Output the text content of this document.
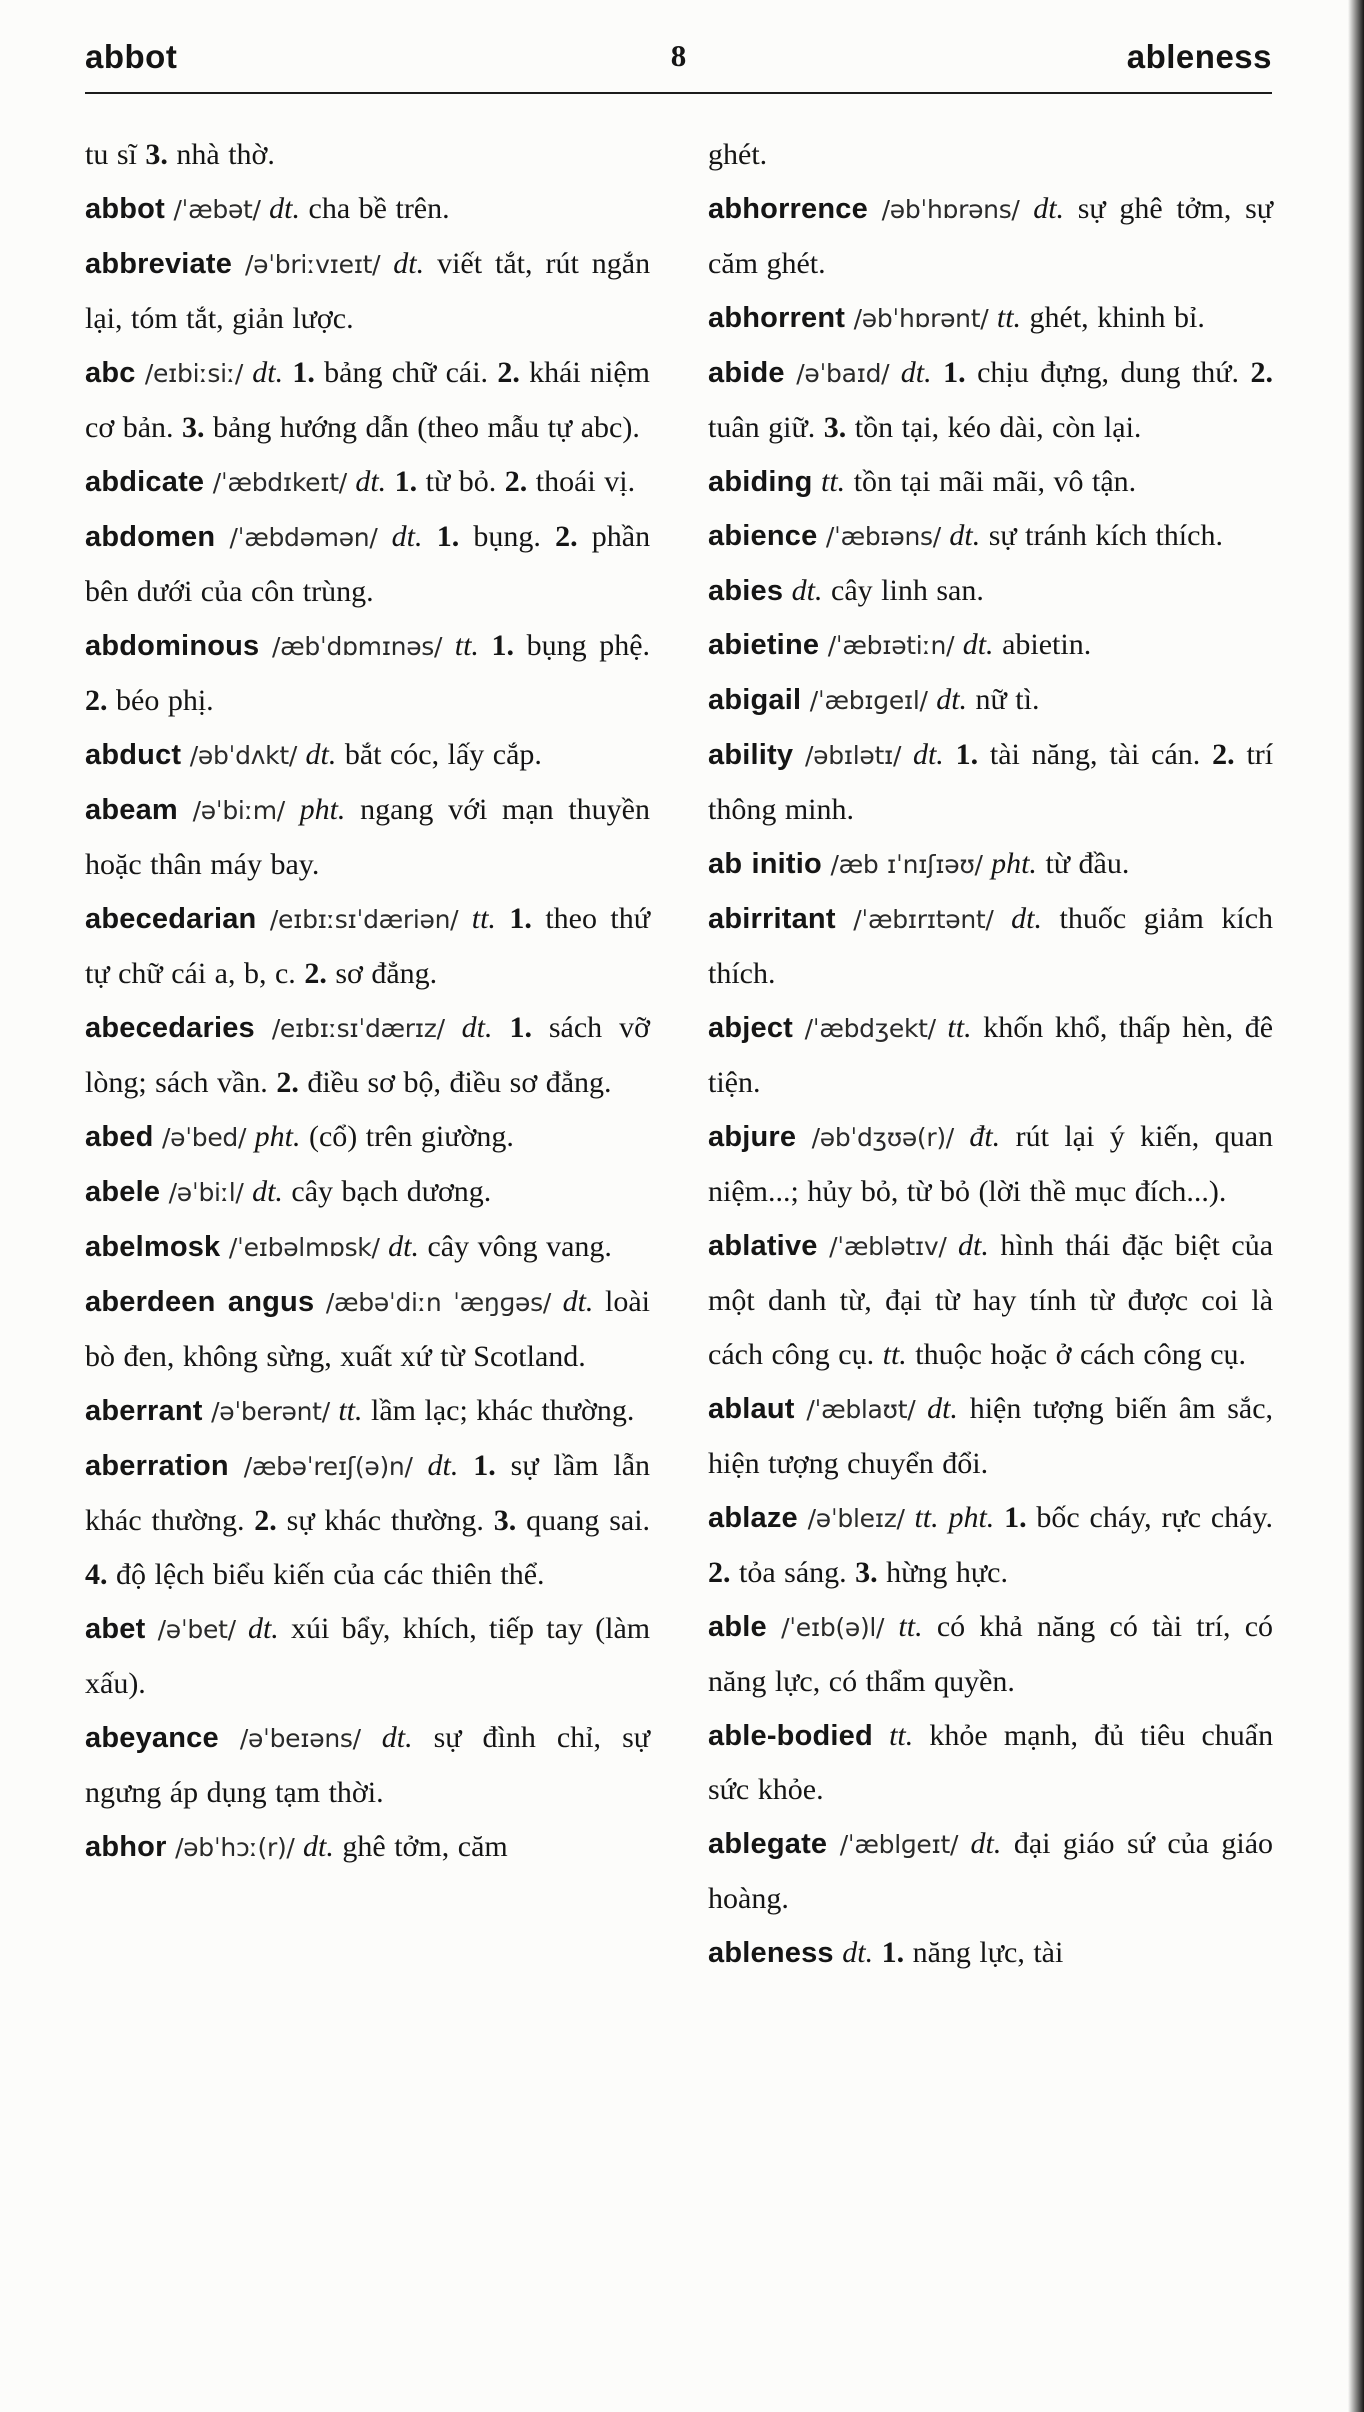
abbot	8	ableness
tu sĩ 3. nhà thờ.
abbot /ˈæbət/ dt. cha bề trên.
abbreviate /əˈbriːvɪeɪt/ dt. viết tắt, rút ngắn lại, tóm tắt, giản lược.
abc /eɪbiːsiː/ dt. 1. bảng chữ cái. 2. khái niệm cơ bản. 3. bảng hướng dẫn (theo mẫu tự abc).
abdicate /ˈæbdɪkeɪt/ dt. 1. từ bỏ. 2. thoái vị.
abdomen /ˈæbdəmən/ dt. 1. bụng. 2. phần bên dưới của côn trùng.
abdominous /æbˈdɒmɪnəs/ tt. 1. bụng phệ. 2. béo phị.
abduct /əbˈdʌkt/ dt. bắt cóc, lấy cắp.
abeam /əˈbiːm/ pht. ngang với mạn thuyền hoặc thân máy bay.
abecedarian /eɪbɪːsɪˈdæriən/ tt. 1. theo thứ tự chữ cái a, b, c. 2. sơ đẳng.
abecedaries /eɪbɪːsɪˈdærɪz/ dt. 1. sách vỡ lòng; sách vần. 2. điều sơ bộ, điều sơ đẳng.
abed /əˈbed/ pht. (cổ) trên giường.
abele /əˈbiːl/ dt. cây bạch dương.
abelmosk /ˈeɪbəlmɒsk/ dt. cây vông vang.
aberdeen angus /æbəˈdiːn ˈæŋɡəs/ dt. loài bò đen, không sừng, xuất xứ từ Scotland.
aberrant /əˈberənt/ tt. lầm lạc; khác thường.
aberration /æbəˈreɪʃ(ə)n/ dt. 1. sự lầm lẫn khác thường. 2. sự khác thường. 3. quang sai. 4. độ lệch biểu kiến của các thiên thể.
abet /əˈbet/ dt. xúi bẩy, khích, tiếp tay (làm xấu).
abeyance /əˈbeɪəns/ dt. sự đình chỉ, sự ngưng áp dụng tạm thời.
abhor /əbˈhɔː(r)/ dt. ghê tởm, căm
ghét.
abhorrence /əbˈhɒrəns/ dt. sự ghê tởm, sự căm ghét.
abhorrent /əbˈhɒrənt/ tt. ghét, khinh bỉ.
abide /əˈbaɪd/ dt. 1. chịu đựng, dung thứ. 2. tuân giữ. 3. tồn tại, kéo dài, còn lại.
abiding tt. tồn tại mãi mãi, vô tận.
abience /ˈæbɪəns/ dt. sự tránh kích thích.
abies dt. cây linh san.
abietine /ˈæbɪətiːn/ dt. abietin.
abigail /ˈæbɪɡeɪl/ dt. nữ tì.
ability /əbɪlətɪ/ dt. 1. tài năng, tài cán. 2. trí thông minh.
ab initio /æb ɪˈnɪʃɪəʊ/ pht. từ đầu.
abirritant /ˈæbɪrɪtənt/ dt. thuốc giảm kích thích.
abject /ˈæbdʒekt/ tt. khốn khổ, thấp hèn, đê tiện.
abjure /əbˈdʒʊə(r)/ đt. rút lại ý kiến, quan niệm...; hủy bỏ, từ bỏ (lời thề mục đích...).
ablative /ˈæblətɪv/ dt. hình thái đặc biệt của một danh từ, đại từ hay tính từ được coi là cách công cụ. tt. thuộc hoặc ở cách công cụ.
ablaut /ˈæblaʊt/ dt. hiện tượng biến âm sắc, hiện tượng chuyển đổi.
ablaze /əˈbleɪz/ tt. pht. 1. bốc cháy, rực cháy. 2. tỏa sáng. 3. hừng hực.
able /ˈeɪb(ə)l/ tt. có khả năng có tài trí, có năng lực, có thẩm quyền.
able-bodied tt. khỏe mạnh, đủ tiêu chuẩn sức khỏe.
ablegate /ˈæblɡeɪt/ dt. đại giáo sứ của giáo hoàng.
ableness dt. 1. năng lực, tài
